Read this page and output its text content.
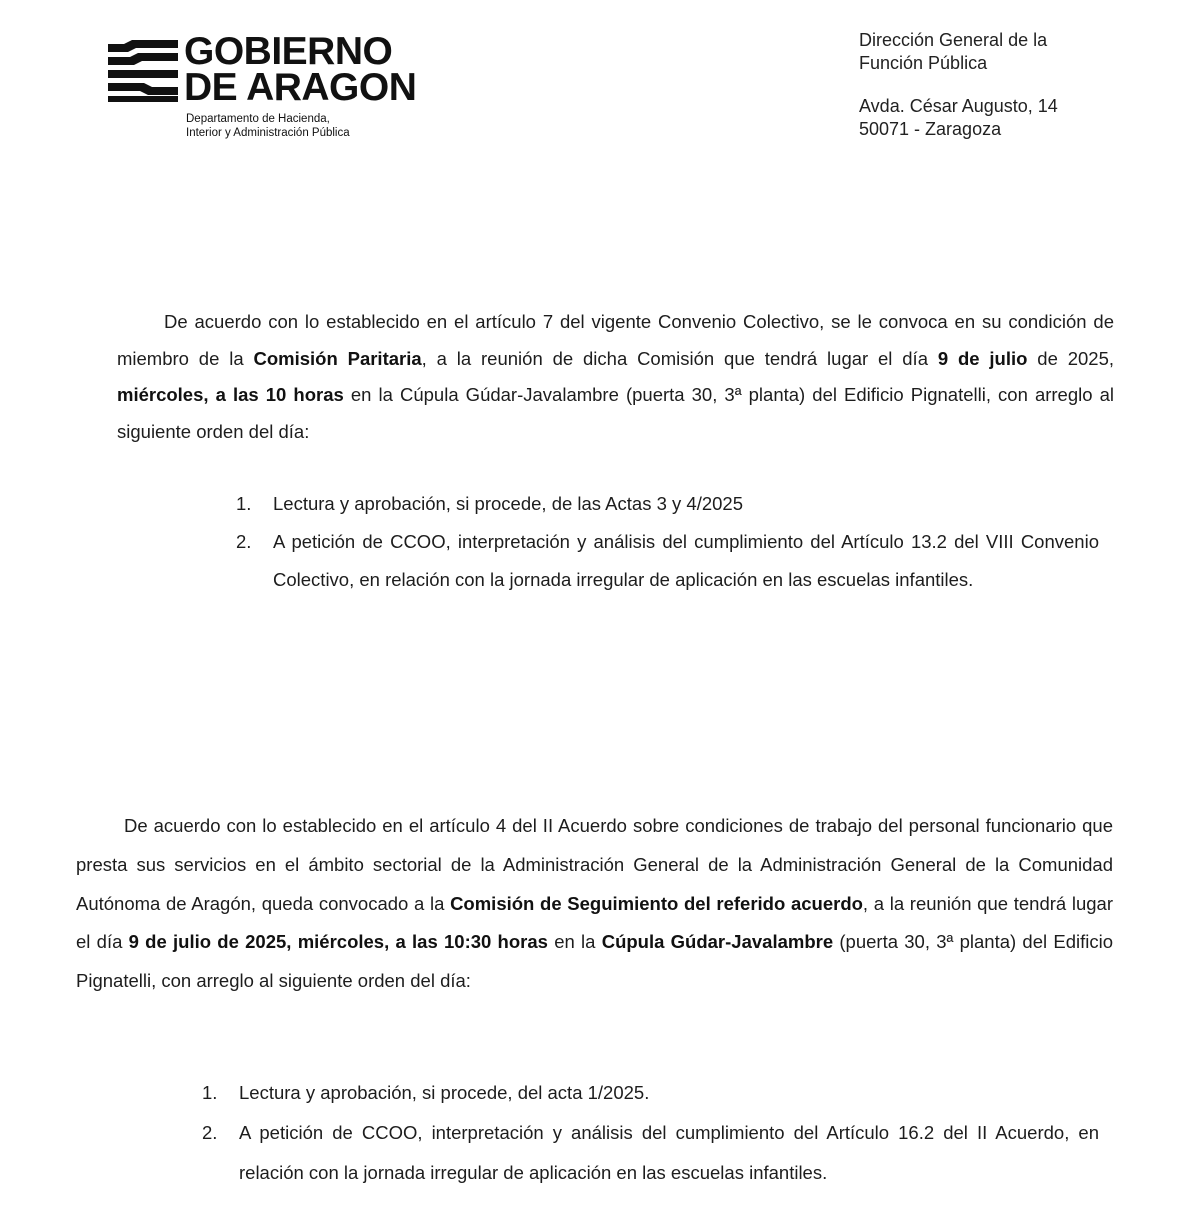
GOBIERNO
DE ARAGON
Departamento de Hacienda,
Interior y Administración Pública
Dirección General de la
Función Pública
Avda. César Augusto, 14
50071 - Zaragoza

De acuerdo con lo establecido en el artículo 7 del vigente Convenio Colectivo, se le convoca en su condición de miembro de la Comisión Paritaria, a la reunión de dicha Comisión que tendrá lugar el día 9 de julio de 2025, miércoles, a las 10 horas en la Cúpula Gúdar-Javalambre (puerta 30, 3ª planta) del Edificio Pignatelli, con arreglo al siguiente orden del día:

1. Lectura y aprobación, si procede, de las Actas 3 y 4/2025
2. A petición de CCOO, interpretación y análisis del cumplimiento del Artículo 13.2 del VIII Convenio Colectivo, en relación con la jornada irregular de aplicación en las escuelas infantiles.

De acuerdo con lo establecido en el artículo 4 del II Acuerdo sobre condiciones de trabajo del personal funcionario que presta sus servicios en el ámbito sectorial de la Administración General de la Administración General de la Comunidad Autónoma de Aragón, queda convocado a la Comisión de Seguimiento del referido acuerdo, a la reunión que tendrá lugar el día 9 de julio de 2025, miércoles, a las 10:30 horas en la Cúpula Gúdar-Javalambre (puerta 30, 3ª planta) del Edificio Pignatelli, con arreglo al siguiente orden del día:

1. Lectura y aprobación, si procede, del acta 1/2025.
2. A petición de CCOO, interpretación y análisis del cumplimiento del Artículo 16.2 del II Acuerdo, en relación con la jornada irregular de aplicación en las escuelas infantiles.
